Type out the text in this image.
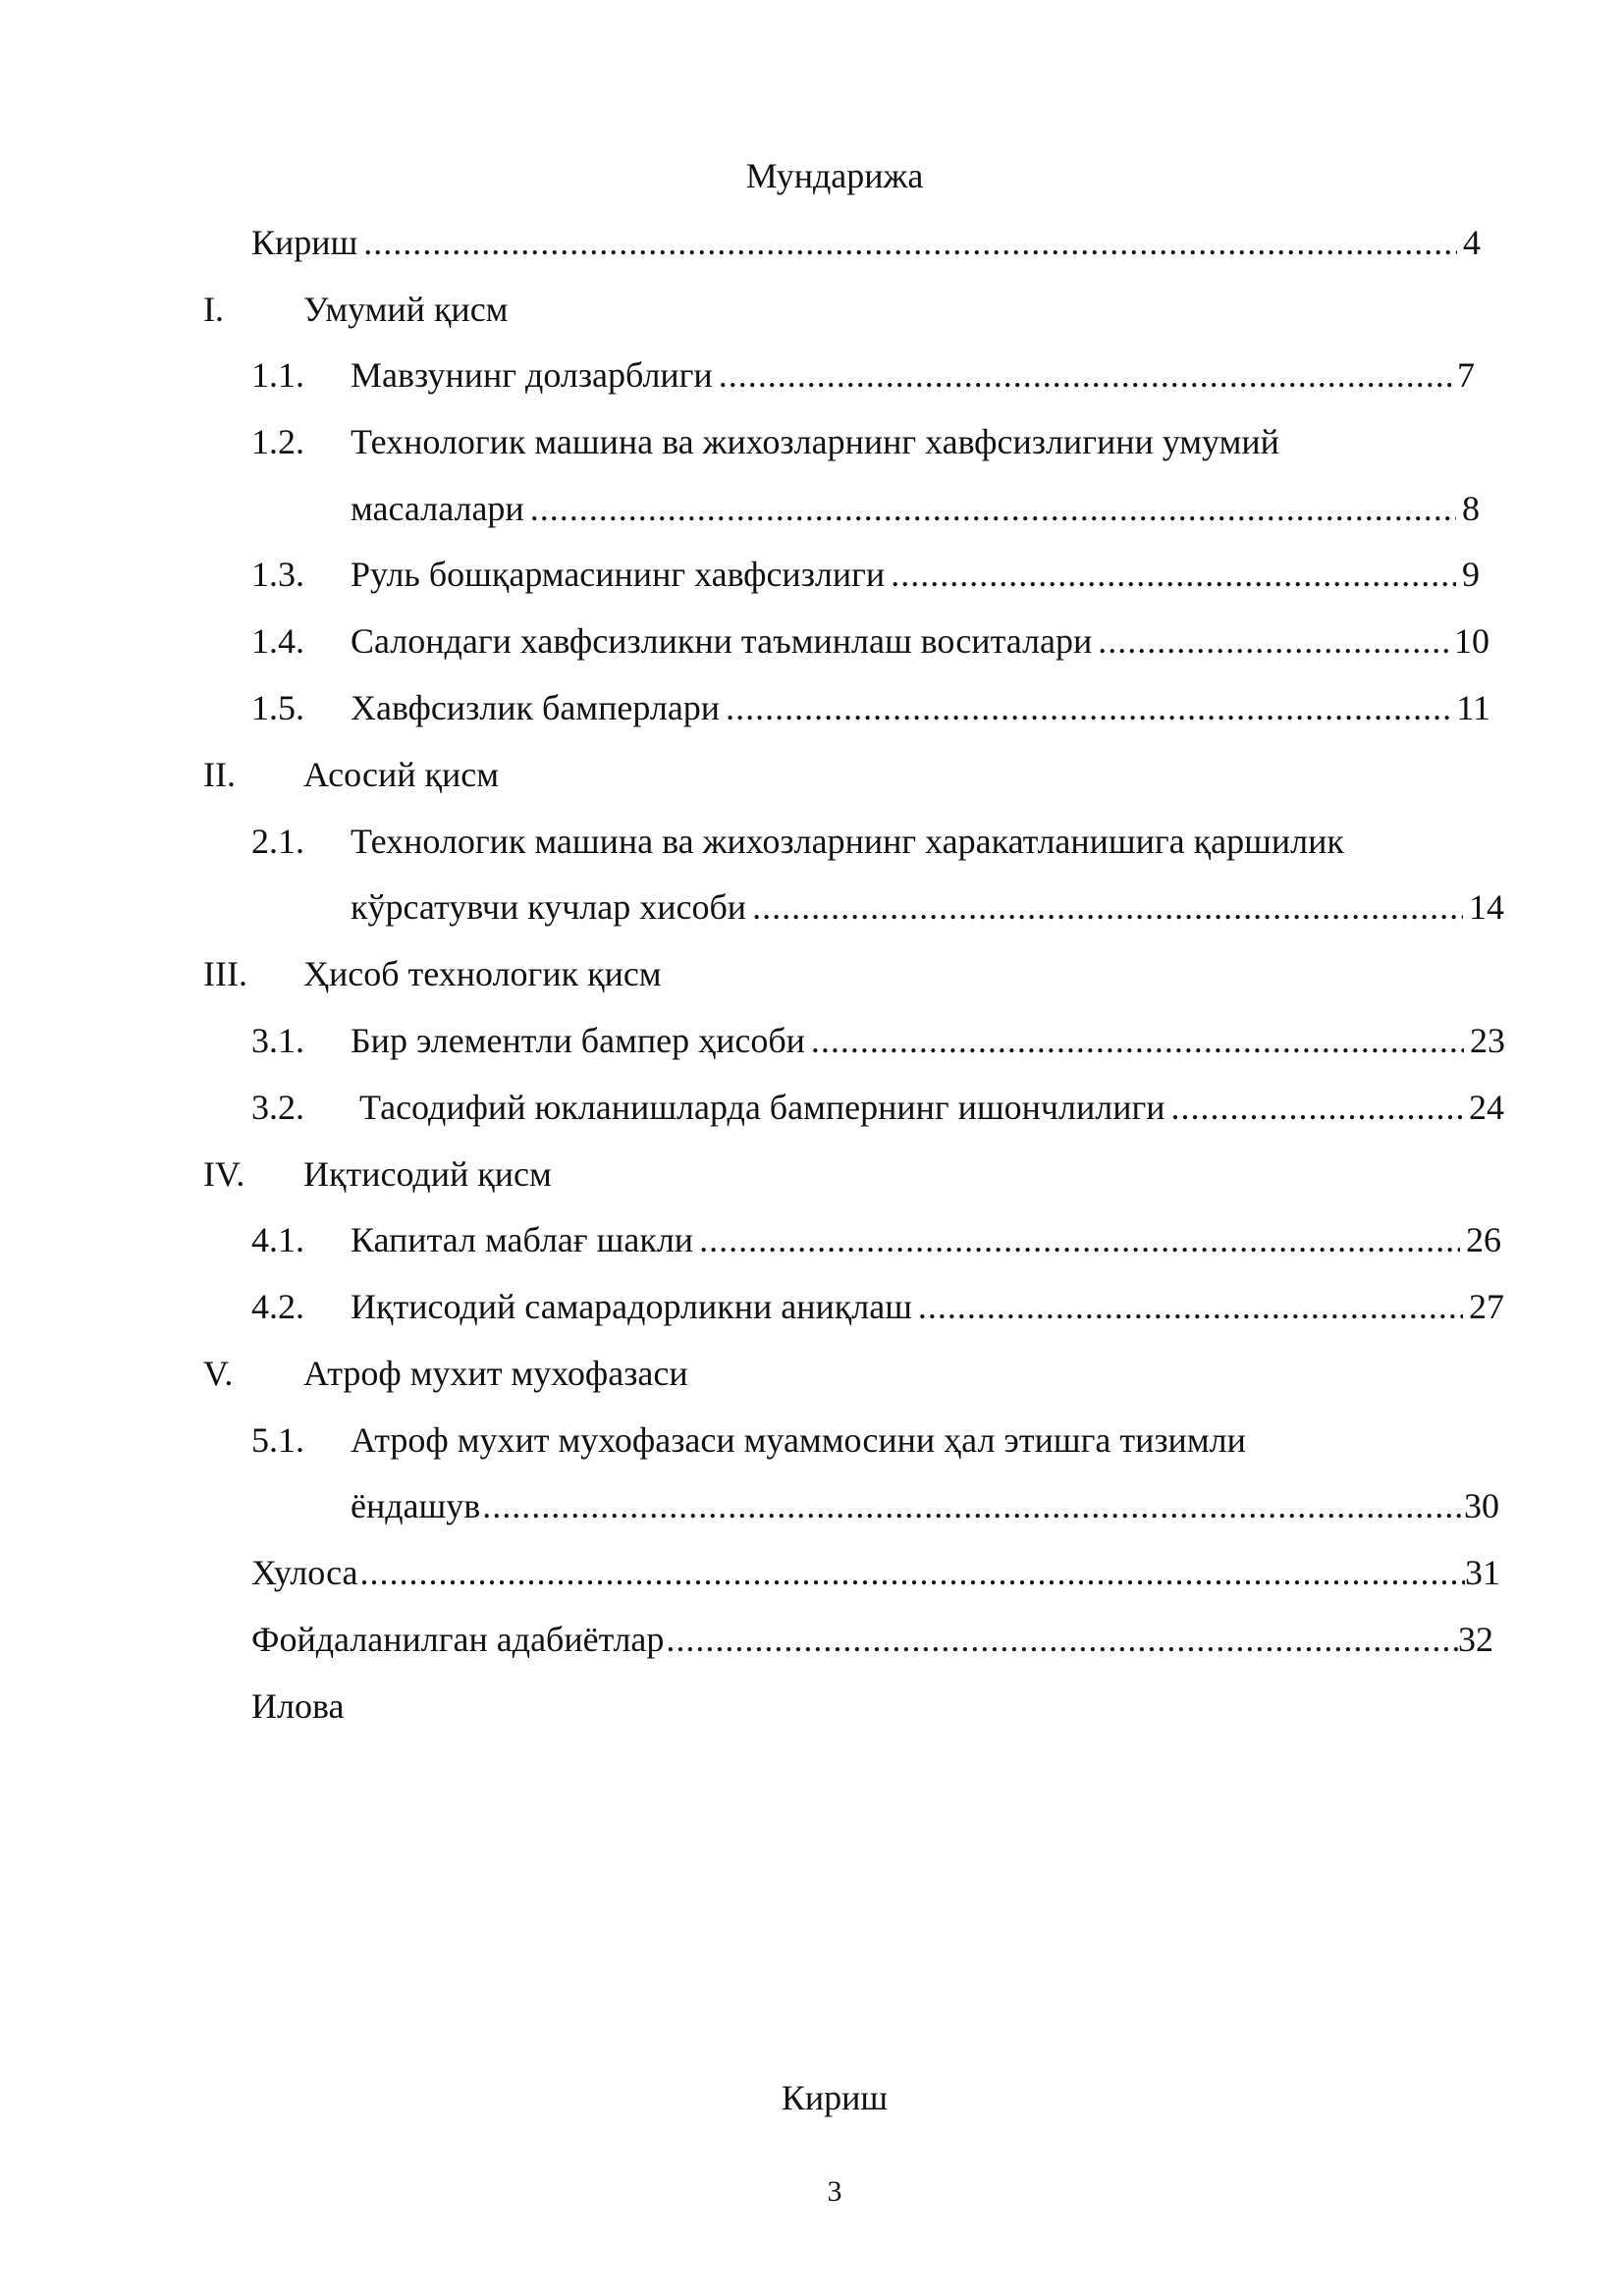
Мундарижа
Кириш .....	4
I. Умумий қисм
1.1. Мавзунинг долзарблиги .....	7
1.2. Технологик машина ва жихозларнинг хавфсизлигини умумий
масалалари .....	8
1.3. Руль бошқармасининг хавфсизлиги .....	9
1.4. Салондаги хавфсизликни таъминлаш воситалари .....	10
1.5. Хавфсизлик бамперлари .....	11
II. Асосий қисм
2.1. Технологик машина ва жихозларнинг харакатланишига қаршилик
кўрсатувчи кучлар хисоби .....	14
III. Ҳисоб технологик қисм
3.1. Бир элементли бампер ҳисоби .....	23
3.2. Тасодифий юкланишларда бампернинг ишончлилиги .....	24
IV. Иқтисодий қисм
4.1. Капитал маблағ шакли .....	26
4.2. Иқтисодий самарадорликни аниқлаш .....	27
V. Атроф мухит мухофазаси
5.1. Атроф мухит мухофазаси муаммосини ҳал этишга тизимли
ёндашув .....	30
Хулоса .....	31
Фойдаланилган адабиётлар .....	32
Илова
Кириш
3
